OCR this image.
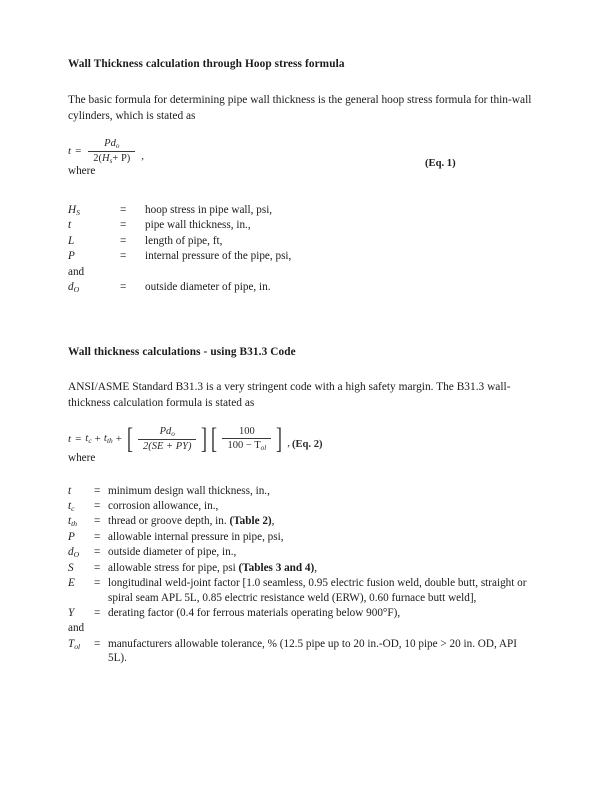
Wall Thickness calculation through Hoop stress formula

The basic formula for determining pipe wall thickness is the general hoop stress formula for thin-wall cylinders, which is stated as

$t = \frac{Pd_o}{2(H_s+ P)}$ ,
(Eq. 1)

where

$H_S$	=	hoop stress in pipe wall, psi,
t	=	pipe wall thickness, in.,
L	=	length of pipe, ft,
P	=	internal pressure of the pipe, psi,
and		
$d_O$	=	outside diameter of pipe, in.
Wall thickness calculations - using B31.3 Code

ANSI/ASME Standard B31.3 is a very stringent code with a high safety margin. The B31.3 wall-thickness calculation formula is stated as

$t = t_c + t_{th}$ + [ $\frac{Pd_o}{2(SE + PY)}$ ] [ $\frac{100}{100 - T_{ol}}$ ] , (Eq. 2)

where

t	=	minimum design wall thickness, in.,
$t_c$	=	corrosion allowance, in.,
$t_{th}$	=	thread or groove depth, in. (Table 2),
P	=	allowable internal pressure in pipe, psi,
$d_O$	=	outside diameter of pipe, in.,
S	=	allowable stress for pipe, psi (Tables 3 and 4),
E	=	longitudinal weld-joint factor [1.0 seamless, 0.95 electric fusion weld, double butt, straight or spiral seam APL 5L, 0.85 electric resistance weld (ERW), 0.60 furnace butt weld],
Y	=	derating factor (0.4 for ferrous materials operating below 900°F),
and		
$T_{ol}$	=	manufacturers allowable tolerance, % (12.5 pipe up to 20 in.-OD, 10 pipe > 20 in. OD, API 5L).
